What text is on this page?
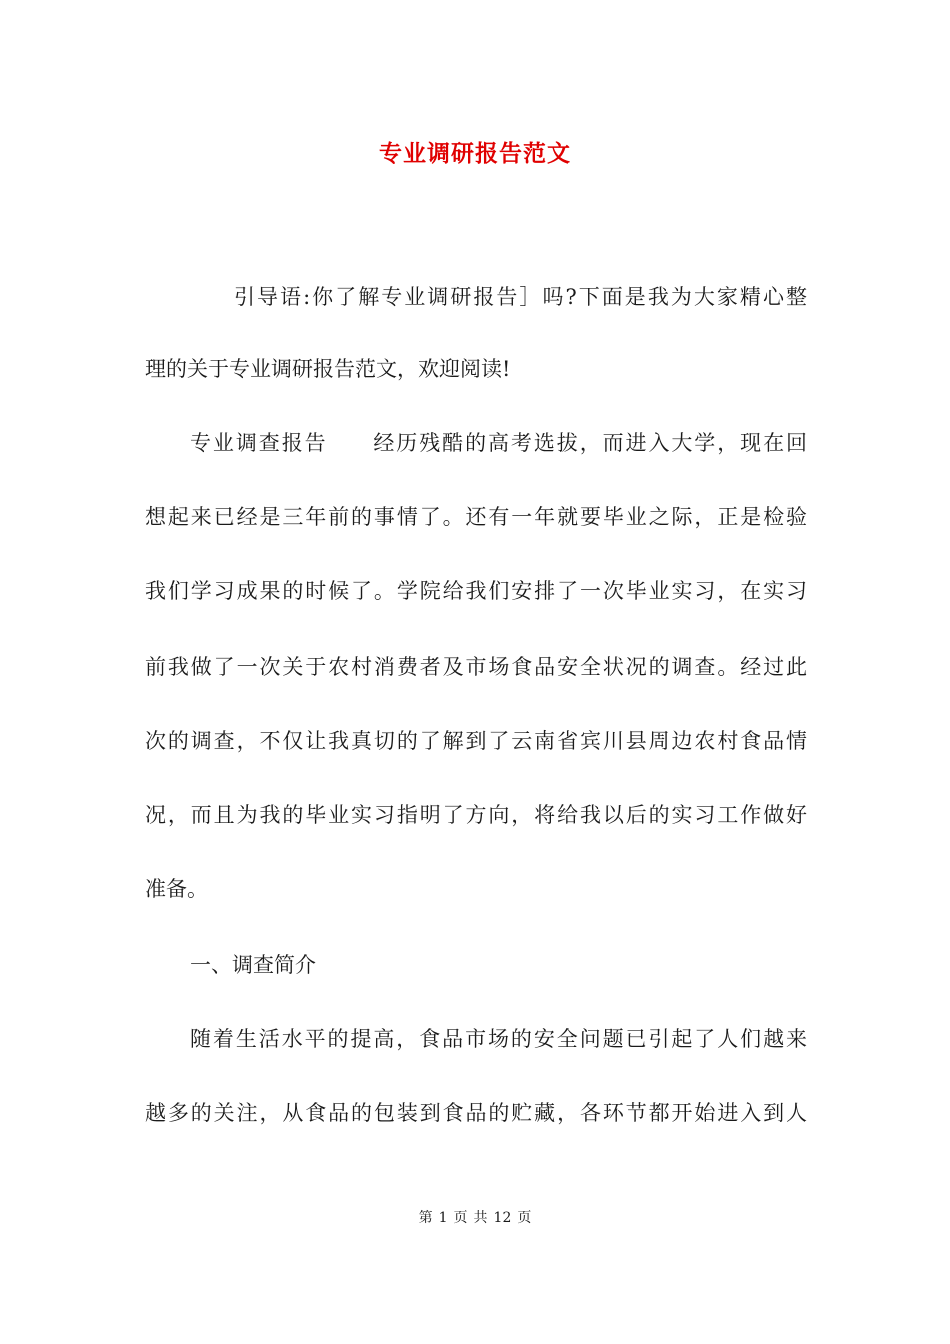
专业调研报告范文
引导语:你了解专业调研报告］吗?下面是我为大家精心整
理的关于专业调研报告范文，欢迎阅读!
专业调查报告　　经历残酷的高考选拔，而进入大学，现在回
想起来已经是三年前的事情了。还有一年就要毕业之际，正是检验
我们学习成果的时候了。学院给我们安排了一次毕业实习，在实习
前我做了一次关于农村消费者及市场食品安全状况的调查。经过此
次的调查，不仅让我真切的了解到了云南省宾川县周边农村食品情
况，而且为我的毕业实习指明了方向，将给我以后的实习工作做好
准备。
一、调查简介
随着生活水平的提高，食品市场的安全问题已引起了人们越来
越多的关注，从食品的包装到食品的贮藏，各环节都开始进入到人
第 1 页 共 12 页
